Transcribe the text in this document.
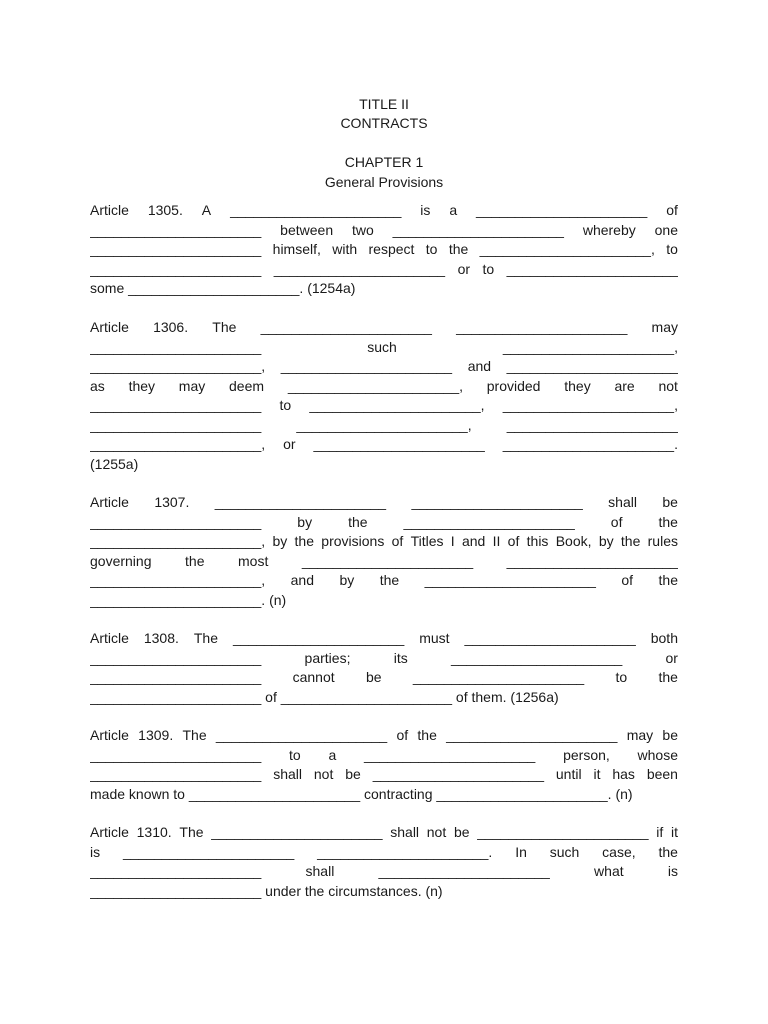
TITLE II
CONTRACTS
CHAPTER 1
General Provisions
Article 1305. A ______________________ is a ______________________ of
______________________ between two ______________________ whereby one
______________________ himself, with respect to the ______________________, to
______________________ ______________________ or to ______________________
some ______________________. (1254a)
Article 1306. The ______________________ ______________________ may
______________________	such	______________________,
______________________, ______________________ and ______________________
as they may deem ______________________, provided they are not
______________________ to ______________________, ______________________,
______________________	______________________,	______________________
______________________, or ______________________ ______________________.
(1255a)
Article 1307. ______________________ ______________________ shall be
______________________	by	the	______________________	of	the
______________________, by the provisions of Titles I and II of this Book, by the rules
governing the most ______________________ ______________________
______________________, and by the ______________________ of the
______________________. (n)
Article 1308. The ______________________ must ______________________ both
______________________	parties;	its	______________________	or
______________________ cannot be ______________________ to the
______________________ of ______________________ of them. (1256a)
Article 1309. The ______________________ of the ______________________ may be
______________________ to a ______________________ person, whose
______________________ shall not be ______________________ until it has been
made known to ______________________ contracting ______________________. (n)
Article 1310. The ______________________ shall not be ______________________ if it
is ______________________ ______________________. In such case, the
______________________	shall	______________________	what	is
______________________ under the circumstances. (n)
